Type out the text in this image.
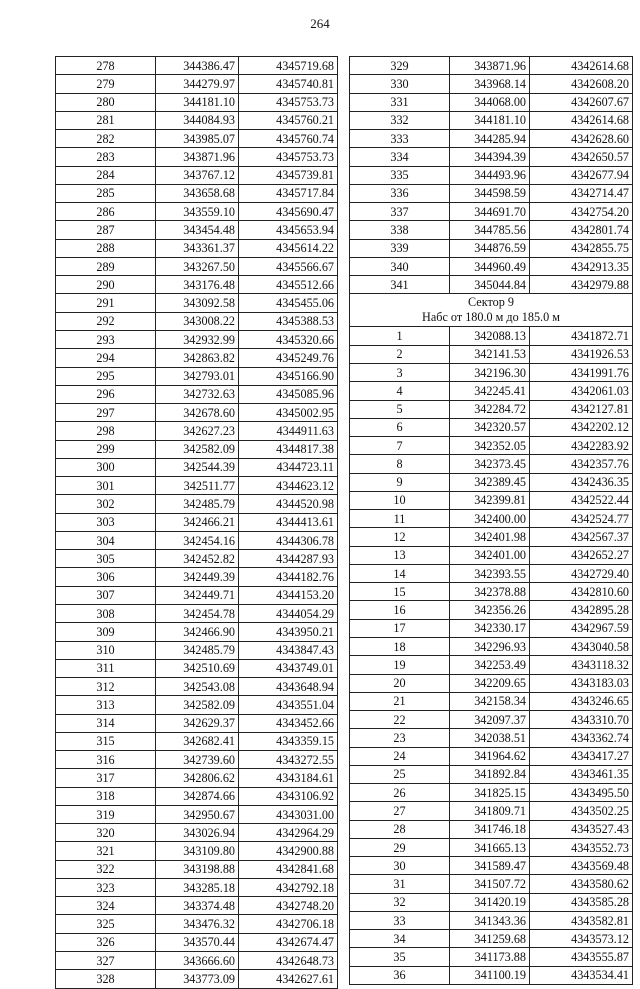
264
278	344386.47	4345719.68
279	344279.97	4345740.81
280	344181.10	4345753.73
281	344084.93	4345760.21
282	343985.07	4345760.74
283	343871.96	4345753.73
284	343767.12	4345739.81
285	343658.68	4345717.84
286	343559.10	4345690.47
287	343454.48	4345653.94
288	343361.37	4345614.22
289	343267.50	4345566.67
290	343176.48	4345512.66
291	343092.58	4345455.06
292	343008.22	4345388.53
293	342932.99	4345320.66
294	342863.82	4345249.76
295	342793.01	4345166.90
296	342732.63	4345085.96
297	342678.60	4345002.95
298	342627.23	4344911.63
299	342582.09	4344817.38
300	342544.39	4344723.11
301	342511.77	4344623.12
302	342485.79	4344520.98
303	342466.21	4344413.61
304	342454.16	4344306.78
305	342452.82	4344287.93
306	342449.39	4344182.76
307	342449.71	4344153.20
308	342454.78	4344054.29
309	342466.90	4343950.21
310	342485.79	4343847.43
311	342510.69	4343749.01
312	342543.08	4343648.94
313	342582.09	4343551.04
314	342629.37	4343452.66
315	342682.41	4343359.15
316	342739.60	4343272.55
317	342806.62	4343184.61
318	342874.66	4343106.92
319	342950.67	4343031.00
320	343026.94	4342964.29
321	343109.80	4342900.88
322	343198.88	4342841.68
323	343285.18	4342792.18
324	343374.48	4342748.20
325	343476.32	4342706.18
326	343570.44	4342674.47
327	343666.60	4342648.73
328	343773.09	4342627.61
329	343871.96	4342614.68
330	343968.14	4342608.20
331	344068.00	4342607.67
332	344181.10	4342614.68
333	344285.94	4342628.60
334	344394.39	4342650.57
335	344493.96	4342677.94
336	344598.59	4342714.47
337	344691.70	4342754.20
338	344785.56	4342801.74
339	344876.59	4342855.75
340	344960.49	4342913.35
341	345044.84	4342979.88

Сектор 9
Набс от 180.0 м до 185.0 м		

1	342088.13	4341872.71
2	342141.53	4341926.53
3	342196.30	4341991.76
4	342245.41	4342061.03
5	342284.72	4342127.81
6	342320.57	4342202.12
7	342352.05	4342283.92
8	342373.45	4342357.76
9	342389.45	4342436.35
10	342399.81	4342522.44
11	342400.00	4342524.77
12	342401.98	4342567.37
13	342401.00	4342652.27
14	342393.55	4342729.40
15	342378.88	4342810.60
16	342356.26	4342895.28
17	342330.17	4342967.59
18	342296.93	4343040.58
19	342253.49	4343118.32
20	342209.65	4343183.03
21	342158.34	4343246.65
22	342097.37	4343310.70
23	342038.51	4343362.74
24	341964.62	4343417.27
25	341892.84	4343461.35
26	341825.15	4343495.50
27	341809.71	4343502.25
28	341746.18	4343527.43
29	341665.13	4343552.73
30	341589.47	4343569.48
31	341507.72	4343580.62
32	341420.19	4343585.28
33	341343.36	4343582.81
34	341259.68	4343573.12
35	341173.88	4343555.87
36	341100.19	4343534.41
